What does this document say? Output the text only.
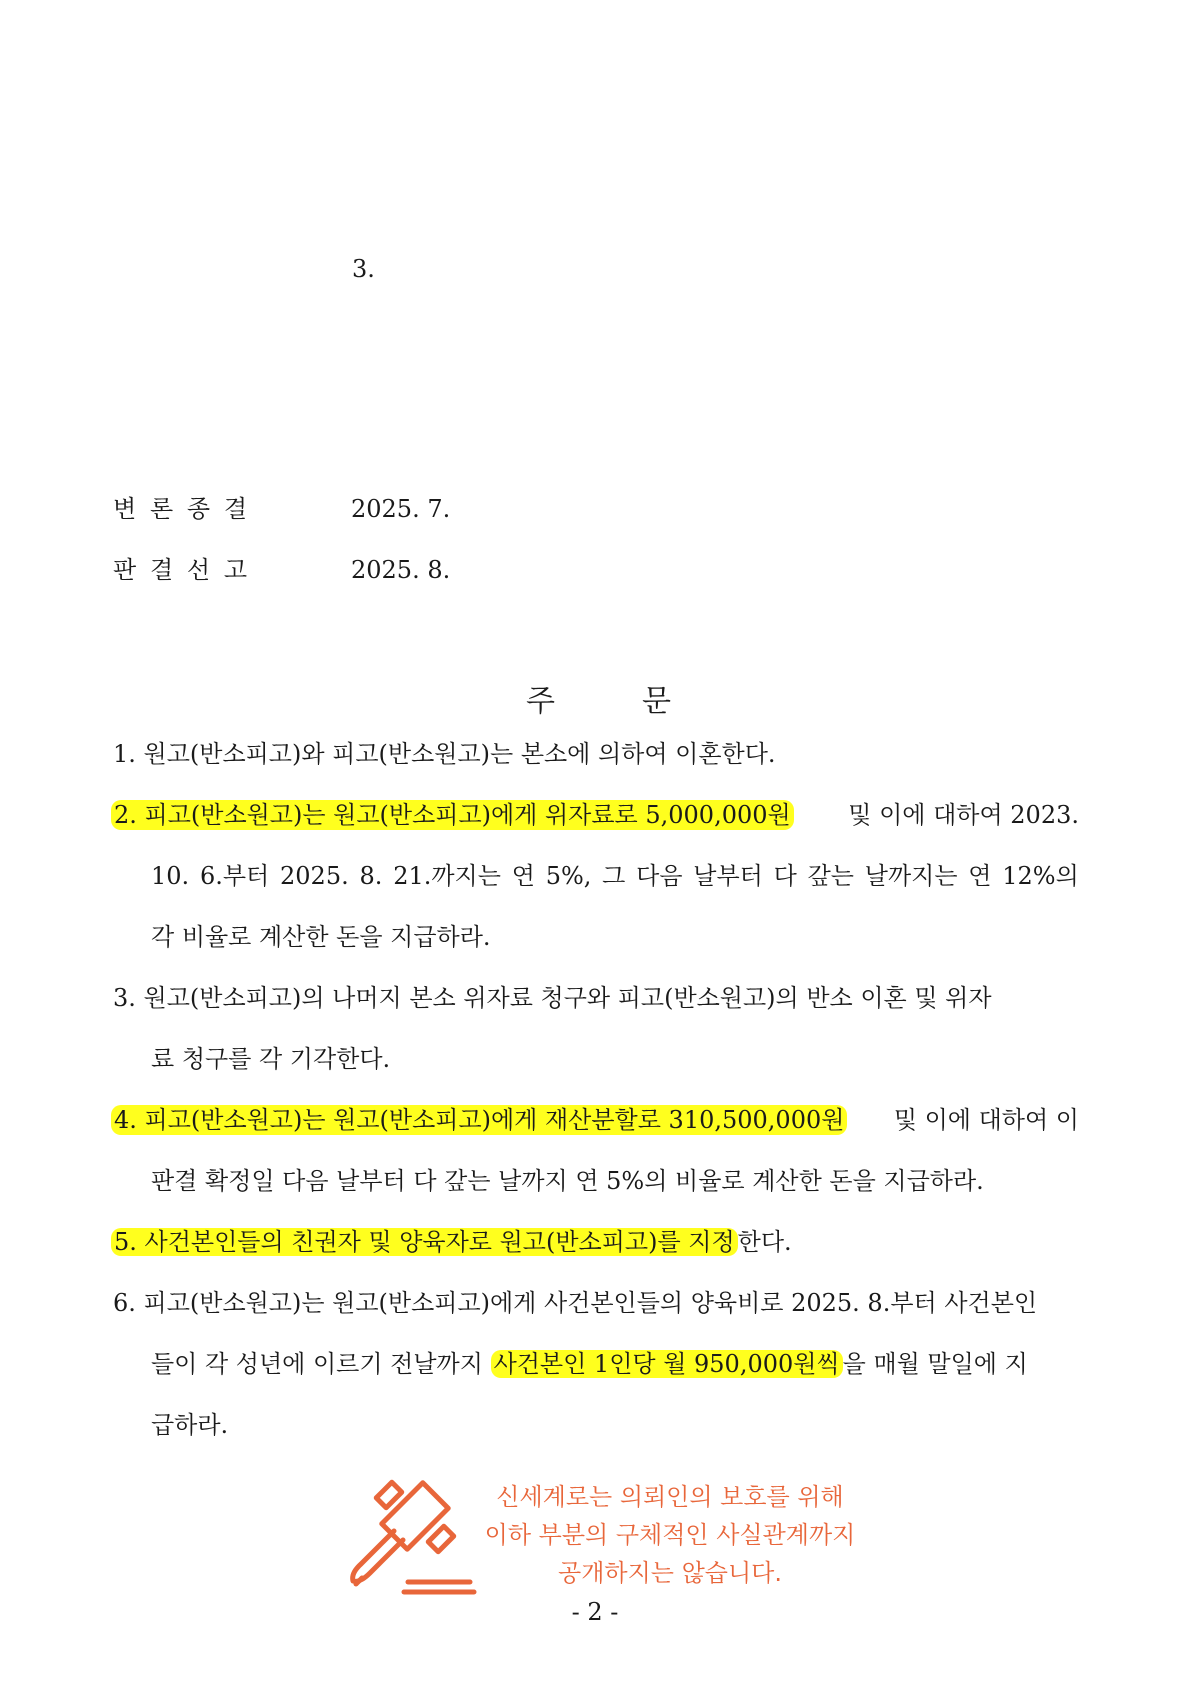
3.
변 론 종 결	2025. 7.
판 결 선 고	2025. 8.
주	문
1. 원고(반소피고)와 피고(반소원고)는 본소에 의하여 이혼한다.
2. 피고(반소원고)는 원고(반소피고)에게 위자료로 5,000,000원 및 이에 대하여 2023.
10. 6.부터 2025. 8. 21.까지는 연 5%, 그 다음 날부터 다 갚는 날까지는 연 12%의
각 비율로 계산한 돈을 지급하라.
3. 원고(반소피고)의 나머지 본소 위자료 청구와 피고(반소원고)의 반소 이혼 및 위자
료 청구를 각 기각한다.
4. 피고(반소원고)는 원고(반소피고)에게 재산분할로 310,500,000원 및 이에 대하여 이
판결 확정일 다음 날부터 다 갚는 날까지 연 5%의 비율로 계산한 돈을 지급하라.
5. 사건본인들의 친권자 및 양육자로 원고(반소피고)를 지정 한다.
6. 피고(반소원고)는 원고(반소피고)에게 사건본인들의 양육비로 2025. 8.부터 사건본인
들이 각 성년에 이르기 전날까지 사건본인 1인당 월 950,000원씩 을 매월 말일에 지
급하라.
신세계로는 의뢰인의 보호를 위해
이하 부분의 구체적인 사실관계까지
공개하지는 않습니다.
- 2 -
